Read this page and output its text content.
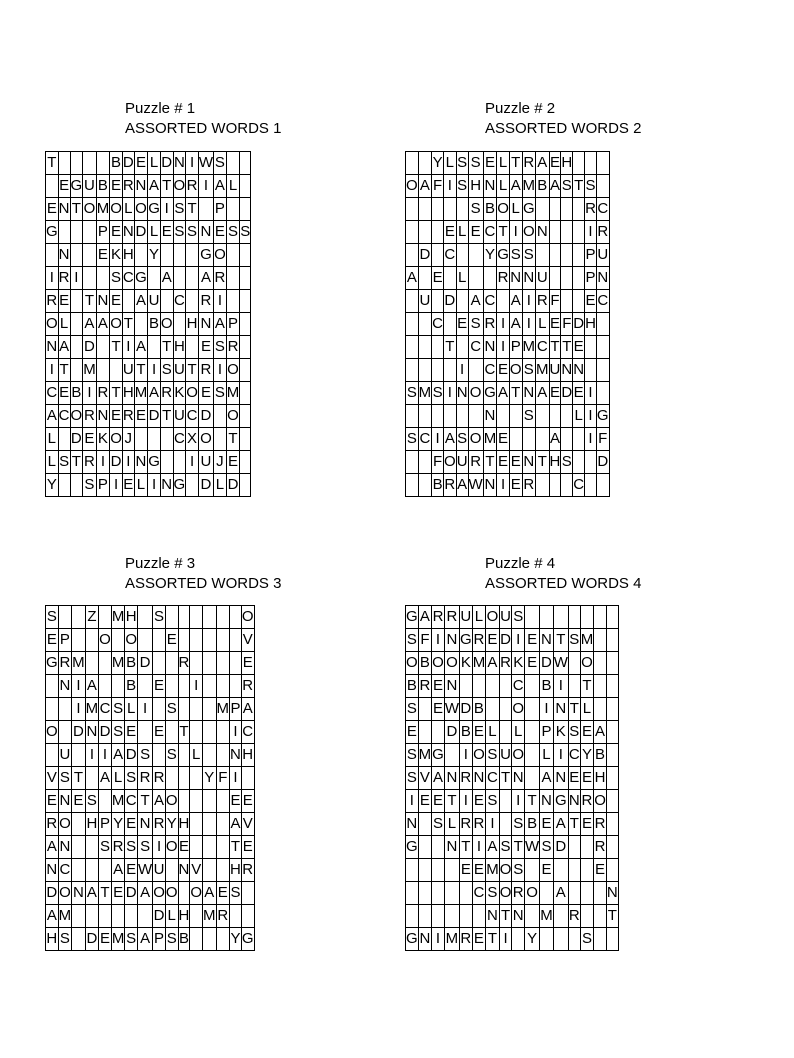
Puzzle # 1
ASSORTED WORDS 1
T					B	D	E	L	D	N	I	W	S		
	E	G	U	B	E	R	N	A	T	O	R	I	A	L	
E	N	T	O	M	O	L	O	G	I	S	T		P		
G				P	E	N	D	L	E	S	S	N	E	S	S
	N			E	K	H		Y				G	O		
I	R	I			S	C	G		A			A	R		
R	E		T	N	E		A	U		C		R	I		
O	L		A	A	O	T		B	O		H	N	A	P	
N	A		D		T	I	A		T	H		E	S	R	
I	T		M			U	T	I	S	U	T	R	I	O	
C	E	B	I	R	T	H	M	A	R	K	O	E	S	M	
A	C	O	R	N	E	R	E	D	T	U	C	D		O	
L		D	E	K	O	J				C	X	O		T	
L	S	T	R	I	D	I	N	G			I	U	J	E	
Y			S	P	I	E	L	I	N	G		D	L	D	
Puzzle # 2
ASSORTED WORDS 2
		Y	L	S	S	E	L	T	R	A	E	H			
O	A	F	I	S	H	N	L	A	M	B	A	S	T	S	
					S	B	O	L	G					R	C
			E	L	E	C	T	I	O	N				I	R
	D		C			Y	G	S	S					P	U
A		E		L			R	N	N	U				P	N
	U		D		A	C		A	I	R	F			E	C
		C		E	S	R	I	A	I	L	E	F	D	H	
			T		C	N	I	P	M	C	T	T	E		
				I		C	E	O	S	M	U	N	N		
S	M	S	I	N	O	G	A	T	N	A	E	D	E	I	
						N			S				L	I	G
S	C	I	A	S	O	M	E				A			I	F
		F	O	U	R	T	E	E	N	T	H	S			D
		B	R	A	W	N	I	E	R				C		
Puzzle # 3
ASSORTED WORDS 3
S			Z		M	H		S							O
E	P			O		O			E						V
G	R	M			M	B	D			R					E
	N	I	A			B		E			I				R
		I	M	C	S	L	I		S				M	P	A
O		D	N	D	S	E		E		T				I	C
	U		I	I	A	D	S		S		L			N	H
V	S	T		A	L	S	R	R				Y	F	I	
E	N	E	S		M	C	T	A	O					E	E
R	O		H	P	Y	E	N	R	Y	H				A	V
A	N			S	R	S	S	I	O	E				T	E
N	C				A	E	W	U		N	V			H	R
D	O	N	A	T	E	D	A	O	O		O	A	E	S	
A	M							D	L	H		M	R		
H	S		D	E	M	S	A	P	S	B				Y	G
Puzzle # 4
ASSORTED WORDS 4
G	A	R	R	U	L	O	U	S							
S	F	I	N	G	R	E	D	I	E	N	T	S	M		
O	B	O	O	K	M	A	R	K	E	D	W		O		
B	R	E	N					C		B	I		T		
S		E	W	D	B			O		I	N	T	L		
E			D	B	E	L		L		P	K	S	E	A	
S	M	G		I	O	S	U	O		L	I	C	Y	B	
S	V	A	N	R	N	C	T	N		A	N	E	E	H	
I	E	E	T	I	E	S		I	T	N	G	N	R	O	
N		S	L	R	R	I		S	B	E	A	T	E	R	
G			N	T	I	A	S	T	W	S	D			R	
				E	E	M	O	S		E				E	
					C	S	O	R	O		A				N
						N	T	N		M		R			T
G	N	I	M	R	E	T	I		Y				S		
